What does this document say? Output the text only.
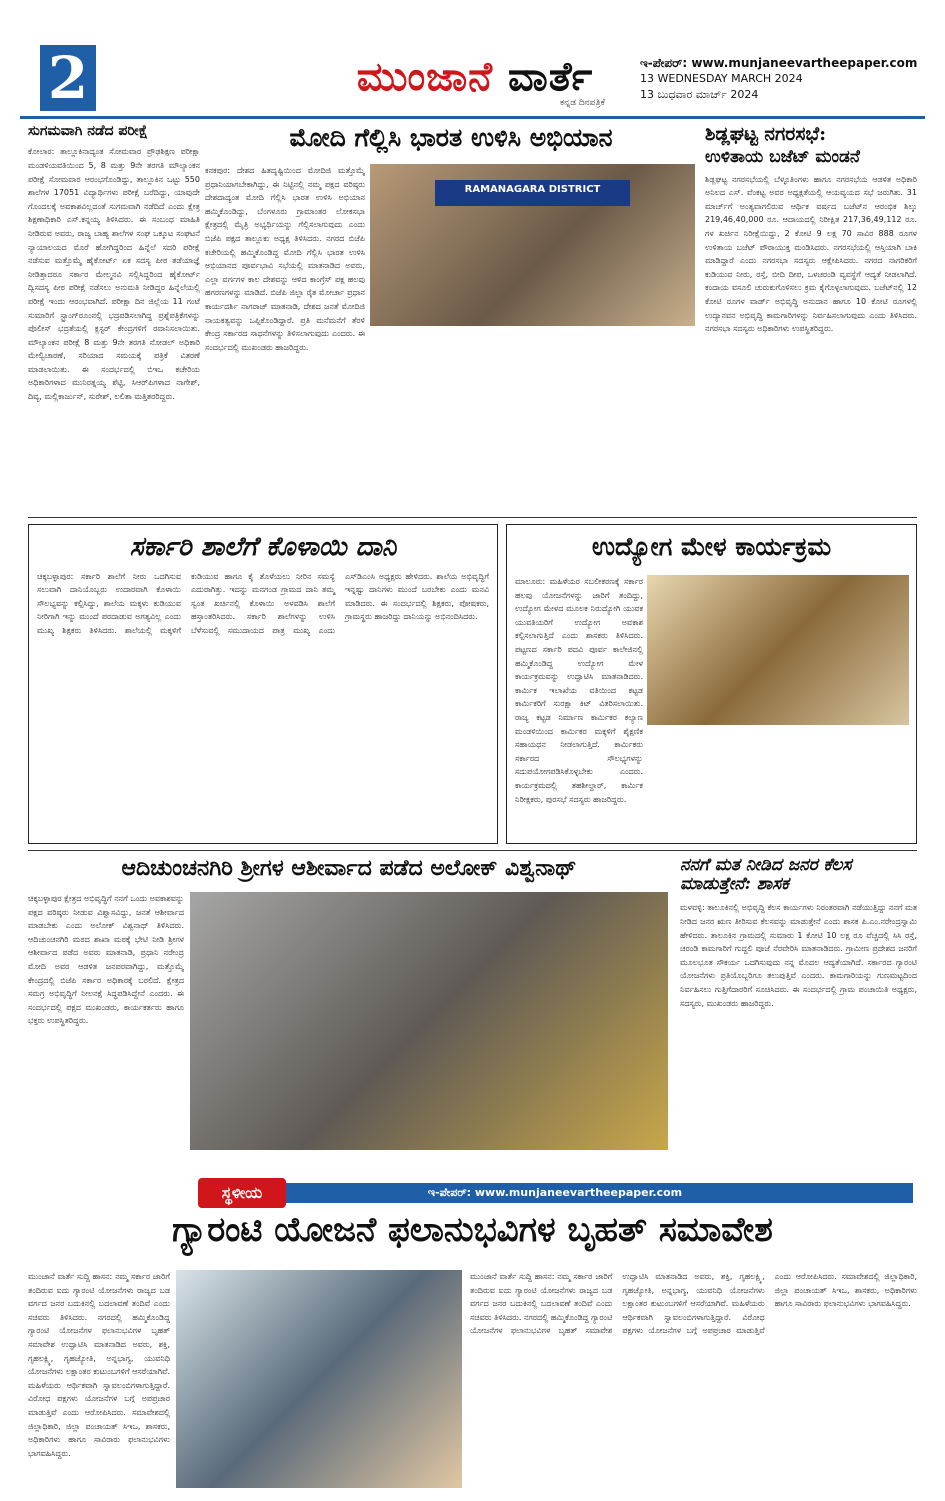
2	ಮುಂಜಾನೆ ವಾರ್ತೆ
ಕನ್ನಡ ದಿನಪತ್ರಿಕೆ
ಇ-ಪೇಪರ್: www.munjaneevartheepaper.com
13 WEDNESDAY MARCH 2024
13 ಬುಧವಾರ ಮಾರ್ಚ್ 2024
ಸುಗಮವಾಗಿ ನಡೆದ ಪರೀಕ್ಷೆ
ಕೋಲಾರ: ತಾಲ್ಲೂಕಿನಾದ್ಯಂತ ಸೋಮವಾರ ಪ್ರೌಢಶಿಕ್ಷಣ ಪರೀಕ್ಷಾ ಮಂಡಳಿಯವತಿಯಿಂದ 5, 8 ಮತ್ತು 9ನೇ ತರಗತಿ ಮೌಲ್ಯಾಂಕನ ಪರೀಕ್ಷೆ ಸೋಮವಾರ ಆರಂಭಗೊಂಡಿದ್ದು, ತಾಲ್ಲೂಕಿನ ಒಟ್ಟು 550 ಶಾಲೆಗಳ 17051 ವಿದ್ಯಾರ್ಥಿಗಳು ಪರೀಕ್ಷೆ ಬರೆದಿದ್ದು, ಯಾವುದೇ ಗೊಂದಲಕ್ಕೆ ಅವಕಾಶವಿಲ್ಲದಂತೆ ಸುಗಮವಾಗಿ ನಡೆದಿದೆ ಎಂದು ಕ್ಷೇತ್ರ ಶಿಕ್ಷಣಾಧಿಕಾರಿ ಎಸ್.ಕನ್ನಯ್ಯ ತಿಳಿಸಿದರು. ಈ ಸಂಬಂಧ ಮಾಹಿತಿ ನೀಡಿರುವ ಅವರು, ರಾಜ್ಯ ಬಾಹ್ಯ ಶಾಲೆಗಳ ಸಂಘ ಒಕ್ಕೂಟ ಸಂಘಟನೆ ನ್ಯಾಯಾಲಯದ ಮೊರೆ ಹೋಗಿದ್ದರಿಂದ ಹಿನ್ನೆಲೆ ಸದರಿ ಪರೀಕ್ಷೆ ನಡೆಸುವ ಮತ್ತೊಮ್ಮೆ ಹೈಕೋರ್ಟ್ ಏಕ ಸದಸ್ಯ ಪೀಠ ತಡೆಯಾಜ್ಞೆ ನೀಡಿತ್ತಾದರೂ ಸರ್ಕಾರ ಮೇಲ್ಮನವಿ ಸಲ್ಲಿಸಿದ್ದರಿಂದ ಹೈಕೋರ್ಟ್ ದ್ವಿಸದಸ್ಯ ಪೀಠ ಪರೀಕ್ಷೆ ನಡೆಸಲು ಅನುಮತಿ ನೀಡಿದ್ದರ ಹಿನ್ನೆಲೆಯಲ್ಲಿ ಪರೀಕ್ಷೆ ಇಂದು ಆರಂಭವಾಗಿದೆ. ಪರೀಕ್ಷಾ ದಿನ ಜಿಲ್ಲೆಯ 11 ಗಂಟೆ ಸುಮಾರಿಗೆ ಸ್ಟ್ರಾಂಗ್‌ರೂಂನಲ್ಲಿ ಭದ್ರಪಡಿಸಲಾಗಿದ್ದ ಪ್ರಶ್ನೆಪತ್ರಿಕೆಗಳನ್ನು ಪೊಲೀಸ್ ಭದ್ರತೆಯಲ್ಲಿ ಕ್ಲಸ್ಟರ್ ಕೇಂದ್ರಗಳಿಗೆ ರವಾನಿಸಲಾಯಿತು. ಮೌಲ್ಯಾಂಕನ ಪರೀಕ್ಷೆ 8 ಮತ್ತು 9ನೇ ತರಗತಿ ನೋಡಲ್ ಅಧಿಕಾರಿ ಮೇಲ್ವಿಚಾರಣೆ, ಸರಿಯಾದ ಸಮಯಕ್ಕೆ ಪತ್ರಿಕೆ ವಿತರಣೆ ಮಾಡಲಾಯಿತು. ಈ ಸಂದರ್ಭದಲ್ಲಿ ಬಿಇಒ ಕಚೇರಿಯ ಅಧಿಕಾರಿಗಳಾದ ಮುನಿರತ್ನಯ್ಯ ಶೆಟ್ಟಿ, ಸಿಆರ್‌ಪಿಗಳಾದ ನಾಗೇಶ್, ದಿವ್ಯ, ಮಲ್ಲಿಕಾರ್ಜುನ್, ಸುರೇಶ್, ಲಲಿತಾ ಮತ್ತಿತರರಿದ್ದರು.
ಮೋದಿ ಗೆಲ್ಲಿಸಿ ಭಾರತ ಉಳಿಸಿ ಅಭಿಯಾನ
RAMANAGARA DISTRICT
ಕನಕಪುರ: ದೇಶದ ಹಿತದೃಷ್ಟಿಯಿಂದ ಮೋದಿಜಿ ಮತ್ತೊಮ್ಮೆ ಪ್ರಧಾನಿಯಾಗಬೇಕಾಗಿದ್ದು, ಈ ನಿಟ್ಟಿನಲ್ಲಿ ನಮ್ಮ ಪಕ್ಷದ ವರಿಷ್ಠರು ದೇಶದಾದ್ಯಂತ ಮೋದಿ ಗೆಲ್ಲಿಸಿ ಭಾರತ ಉಳಿಸಿ ಅಭಿಯಾನ ಹಮ್ಮಿಕೊಂಡಿದ್ದು, ಬೆಂಗಳೂರು ಗ್ರಾಮಾಂತರ ಲೋಕಸಭಾ ಕ್ಷೇತ್ರದಲ್ಲಿ ಮೈತ್ರಿ ಅಭ್ಯರ್ಥಿಯನ್ನು ಗೆಲ್ಲಿಸಲಾಗುವುದು ಎಂದು ಬಿಜೆಪಿ ಪಕ್ಷದ ತಾಲ್ಲೂಕು ಅಧ್ಯಕ್ಷ ತಿಳಿಸಿದರು. ನಗರದ ಬಿಜೆಪಿ ಕಚೇರಿಯಲ್ಲಿ ಹಮ್ಮಿಕೊಂಡಿದ್ದ ಮೋದಿ ಗೆಲ್ಲಿಸಿ ಭಾರತ ಉಳಿಸಿ ಅಭಿಯಾನದ ಪೂರ್ವಭಾವಿ ಸಭೆಯಲ್ಲಿ ಮಾತನಾಡಿದ ಅವರು, ಎಲ್ಲಾ ವರ್ಗಗಳ ಕಾಲ ದೇಶವನ್ನು ಆಳಿದ ಕಾಂಗ್ರೆಸ್ ಪಕ್ಷ ಹಲವು ಹಗರಣಗಳನ್ನು ಮಾಡಿದೆ. ಬಿಜೆಪಿ ಜಿಲ್ಲಾ ರೈತ ಮೋರ್ಚಾ ಪ್ರಧಾನ ಕಾರ್ಯದರ್ಶಿ ನಾಗರಾಜ್ ಮಾತನಾಡಿ, ದೇಶದ ಜನತೆ ಮೋದಿಜಿ ನಾಯಕತ್ವವನ್ನು ಒಪ್ಪಿಕೊಂಡಿದ್ದಾರೆ. ಪ್ರತಿ ಮನೆಮನೆಗೆ ತೆರಳಿ ಕೇಂದ್ರ ಸರ್ಕಾರದ ಸಾಧನೆಗಳನ್ನು ತಿಳಿಸಲಾಗುವುದು ಎಂದರು. ಈ ಸಂದರ್ಭದಲ್ಲಿ ಮುಖಂಡರು ಹಾಜರಿದ್ದರು.
ಶಿಡ್ಲಘಟ್ಟ ನಗರಸಭೆ:
ಉಳಿತಾಯ ಬಜೆಟ್ ಮಂಡನೆ
ಶಿಡ್ಲಘಟ್ಟ ನಗರಸಭೆಯಲ್ಲಿ ಬೆಳ್ಳೂತಿಂಗಳು ಹಾಗೂ ನಗರಸಭೆಯ ಆಡಳಿತ ಅಧಿಕಾರಿ ಅನಿಲದ ಎಸ್. ವೆಂಕಟ್ಟ ಅವರ ಅಧ್ಯಕ್ಷತೆಯಲ್ಲಿ ಆಯವ್ಯಯದ ಸಭೆ ಜರುಗಿತು. 31 ಮಾರ್ಚ್‌ಗೆ ಅಂತ್ಯವಾಗಲಿರುವ ಆರ್ಥಿಕ ವರ್ಷದ ಬಜೆಟ್‌ನ ಆರಂಭಿಕ ಶಿಲ್ಕು 219,46,40,000 ರೂ. ಆದಾಯದಲ್ಲಿ ನಿರೀಕ್ಷಿತ 217,36,49,112 ರೂ. ಗಳ ಖರ್ಚಿನ ನಿರೀಕ್ಷೆಯಿದ್ದು, 2 ಕೋಟಿ 9 ಲಕ್ಷ 70 ಸಾವಿರ 888 ರೂಗಳ ಉಳಿತಾಯ ಬಜೆಟ್ ಪೌರಾಯುಕ್ತ ಮಂಡಿಸಿದರು. ನಗರಸಭೆಯಲ್ಲಿ ಆಸ್ತಿಯಾಗಿ ಬಾಕಿ ಮಾಡಿದ್ದಾರೆ ಎಂದು ನಗರಸಭಾ ಸದಸ್ಯರು ಆಕ್ಷೇಪಿಸಿದರು. ನಗರದ ನಾಗರಿಕರಿಗೆ ಕುಡಿಯುವ ನೀರು, ರಸ್ತೆ, ಬೀದಿ ದೀಪ, ಒಳಚರಂಡಿ ವ್ಯವಸ್ಥೆಗೆ ಆದ್ಯತೆ ನೀಡಲಾಗಿದೆ. ಕಂದಾಯ ವಸೂಲಿ ಚುರುಕುಗೊಳಿಸಲು ಕ್ರಮ ಕೈಗೊಳ್ಳಲಾಗುವುದು. ಬಜೆಟ್‌ನಲ್ಲಿ 12 ಕೋಟಿ ರೂಗಳ ವಾರ್ಡ್ ಅಭಿವೃದ್ಧಿ ಅನುದಾನ ಹಾಗೂ 10 ಕೋಟಿ ರೂಗಳಲ್ಲಿ ಉದ್ಯಾನವನ ಅಭಿವೃದ್ಧಿ ಕಾಮಗಾರಿಗಳನ್ನು ನಿರ್ವಹಿಸಲಾಗುವುದು ಎಂದು ತಿಳಿಸಿದರು. ನಗರಸಭಾ ಸದಸ್ಯರು ಅಧಿಕಾರಿಗಳು ಉಪಸ್ಥಿತರಿದ್ದರು.
ಸರ್ಕಾರಿ ಶಾಲೆಗೆ ಕೊಳಾಯಿ ದಾನಿ
ಚಿಕ್ಕಬಳ್ಳಾಪುರ: ಸರ್ಕಾರಿ ಶಾಲೆಗೆ ನೀರು ಒದಗಿಸುವ ಸಲುವಾಗಿ ದಾನಿಯೊಬ್ಬರು ಉದಾರವಾಗಿ ಕೊಳಾಯಿ ಸೌಲಭ್ಯವನ್ನು ಕಲ್ಪಿಸಿದ್ದು, ಶಾಲೆಯ ಮಕ್ಕಳು ಕುಡಿಯುವ ನೀರಿಗಾಗಿ ಇನ್ನು ಮುಂದೆ ಪರದಾಡುವ ಅಗತ್ಯವಿಲ್ಲ ಎಂದು ಮುಖ್ಯ ಶಿಕ್ಷಕರು ತಿಳಿಸಿದರು. ಶಾಲೆಯಲ್ಲಿ ಮಕ್ಕಳಿಗೆ ಕುಡಿಯುವ ಹಾಗೂ ಕೈ ತೊಳೆಯಲು ನೀರಿನ ಸಮಸ್ಯೆ ಎದುರಾಗಿತ್ತು. ಇದನ್ನು ಮನಗಂಡ ಗ್ರಾಮದ ದಾನಿ ತಮ್ಮ ಸ್ವಂತ ಖರ್ಚಿನಲ್ಲಿ ಕೊಳಾಯಿ ಅಳವಡಿಸಿ ಶಾಲೆಗೆ ಹಸ್ತಾಂತರಿಸಿದರು. ಸರ್ಕಾರಿ ಶಾಲೆಗಳನ್ನು ಉಳಿಸಿ ಬೆಳೆಸುವಲ್ಲಿ ಸಮುದಾಯದ ಪಾತ್ರ ಮುಖ್ಯ ಎಂದು ಎಸ್‌ಡಿಎಂಸಿ ಅಧ್ಯಕ್ಷರು ಹೇಳಿದರು. ಶಾಲೆಯ ಅಭಿವೃದ್ಧಿಗೆ ಇನ್ನಷ್ಟು ದಾನಿಗಳು ಮುಂದೆ ಬರಬೇಕು ಎಂದು ಮನವಿ ಮಾಡಿದರು. ಈ ಸಂದರ್ಭದಲ್ಲಿ ಶಿಕ್ಷಕರು, ಪೋಷಕರು, ಗ್ರಾಮಸ್ಥರು ಹಾಜರಿದ್ದು ದಾನಿಯನ್ನು ಅಭಿನಂದಿಸಿದರು.
ಉದ್ಯೋಗ ಮೇಳ ಕಾರ್ಯಕ್ರಮ
ಮಾಲೂರು: ಮಹಿಳೆಯರ ಸಬಲೀಕರಣಕ್ಕೆ ಸರ್ಕಾರ ಹಲವು ಯೋಜನೆಗಳನ್ನು ಜಾರಿಗೆ ತಂದಿದ್ದು, ಉದ್ಯೋಗ ಮೇಳದ ಮೂಲಕ ನಿರುದ್ಯೋಗಿ ಯುವಕ ಯುವತಿಯರಿಗೆ ಉದ್ಯೋಗ ಅವಕಾಶ ಕಲ್ಪಿಸಲಾಗುತ್ತಿದೆ ಎಂದು ಶಾಸಕರು ತಿಳಿಸಿದರು. ಪಟ್ಟಣದ ಸರ್ಕಾರಿ ಪದವಿ ಪೂರ್ವ ಕಾಲೇಜಿನಲ್ಲಿ ಹಮ್ಮಿಕೊಂಡಿದ್ದ ಉದ್ಯೋಗ ಮೇಳ ಕಾರ್ಯಕ್ರಮವನ್ನು ಉದ್ಘಾಟಿಸಿ ಮಾತನಾಡಿದರು. ಕಾರ್ಮಿಕ ಇಲಾಖೆಯ ವತಿಯಿಂದ ಕಟ್ಟಡ ಕಾರ್ಮಿಕರಿಗೆ ಸುರಕ್ಷಾ ಕಿಟ್ ವಿತರಿಸಲಾಯಿತು. ರಾಜ್ಯ ಕಟ್ಟಡ ನಿರ್ಮಾಣ ಕಾರ್ಮಿಕರ ಕಲ್ಯಾಣ ಮಂಡಳಿಯಿಂದ ಕಾರ್ಮಿಕರ ಮಕ್ಕಳಿಗೆ ಶೈಕ್ಷಣಿಕ ಸಹಾಯಧನ ನೀಡಲಾಗುತ್ತಿದೆ. ಕಾರ್ಮಿಕರು ಸರ್ಕಾರದ ಸೌಲಭ್ಯಗಳನ್ನು ಸದುಪಯೋಗಪಡಿಸಿಕೊಳ್ಳಬೇಕು ಎಂದರು. ಕಾರ್ಯಕ್ರಮದಲ್ಲಿ ತಹಶೀಲ್ದಾರ್, ಕಾರ್ಮಿಕ ನಿರೀಕ್ಷಕರು, ಪುರಸಭೆ ಸದಸ್ಯರು ಹಾಜರಿದ್ದರು.
ಆದಿಚುಂಚನಗಿರಿ ಶ್ರೀಗಳ ಆಶೀರ್ವಾದ ಪಡೆದ ಅಲೋಕ್ ವಿಶ್ವನಾಥ್
ಚಿಕ್ಕಬಳ್ಳಾಪುರ ಕ್ಷೇತ್ರದ ಅಭಿವೃದ್ಧಿಗೆ ನನಗೆ ಒಂದು ಅವಕಾಶವನ್ನು ಪಕ್ಷದ ವರಿಷ್ಠರು ನೀಡುವ ವಿಶ್ವಾಸವಿದ್ದು, ಜನತೆ ಆಶೀರ್ವಾದ ಮಾಡಬೇಕು ಎಂದು ಅಲೋಕ್ ವಿಶ್ವನಾಥ್ ತಿಳಿಸಿದರು. ಆದಿಚುಂಚನಗಿರಿ ಮಠದ ಶಾಖಾ ಮಠಕ್ಕೆ ಭೇಟಿ ನೀಡಿ ಶ್ರೀಗಳ ಆಶೀರ್ವಾದ ಪಡೆದ ಅವರು ಮಾತನಾಡಿ, ಪ್ರಧಾನಿ ನರೇಂದ್ರ ಮೋದಿ ಅವರ ಆಡಳಿತ ಜನಪರವಾಗಿದ್ದು, ಮತ್ತೊಮ್ಮೆ ಕೇಂದ್ರದಲ್ಲಿ ಬಿಜೆಪಿ ಸರ್ಕಾರ ಅಧಿಕಾರಕ್ಕೆ ಬರಲಿದೆ. ಕ್ಷೇತ್ರದ ಸಮಗ್ರ ಅಭಿವೃದ್ಧಿಗೆ ನೀಲನಕ್ಷೆ ಸಿದ್ಧಪಡಿಸಿದ್ದೇನೆ ಎಂದರು. ಈ ಸಂದರ್ಭದಲ್ಲಿ ಪಕ್ಷದ ಮುಖಂಡರು, ಕಾರ್ಯಕರ್ತರು ಹಾಗೂ ಭಕ್ತರು ಉಪಸ್ಥಿತರಿದ್ದರು.
ನನಗೆ ಮತ ನೀಡಿದ ಜನರ ಕೆಲಸ ಮಾಡುತ್ತೇನೆ: ಶಾಸಕ
ಮಳವಳ್ಳಿ: ತಾಲೂಕಿನಲ್ಲಿ ಅಭಿವೃದ್ಧಿ ಕೆಲಸ ಕಾರ್ಯಗಳು ನಿರಂತರವಾಗಿ ನಡೆಯುತ್ತಿದ್ದು ನನಗೆ ಮತ ನೀಡಿದ ಜನರ ಋಣ ತೀರಿಸುವ ಕೆಲಸವನ್ನು ಮಾಡುತ್ತೇನೆ ಎಂದು ಶಾಸಕ ಪಿ.ಎಂ.ನರೇಂದ್ರಸ್ವಾಮಿ ಹೇಳಿದರು. ತಾಲೂಕಿನ ಗ್ರಾಮದಲ್ಲಿ ಸುಮಾರು 1 ಕೋಟಿ 10 ಲಕ್ಷ ರೂ ವೆಚ್ಚದಲ್ಲಿ ಸಿಸಿ ರಸ್ತೆ, ಚರಂಡಿ ಕಾಮಗಾರಿಗೆ ಗುದ್ದಲಿ ಪೂಜೆ ನೆರವೇರಿಸಿ ಮಾತನಾಡಿದರು. ಗ್ರಾಮೀಣ ಪ್ರದೇಶದ ಜನರಿಗೆ ಮೂಲಭೂತ ಸೌಕರ್ಯ ಒದಗಿಸುವುದು ನನ್ನ ಮೊದಲ ಆದ್ಯತೆಯಾಗಿದೆ. ಸರ್ಕಾರದ ಗ್ಯಾರಂಟಿ ಯೋಜನೆಗಳು ಪ್ರತಿಯೊಬ್ಬರಿಗೂ ತಲುಪುತ್ತಿವೆ ಎಂದರು. ಕಾಮಗಾರಿಯನ್ನು ಗುಣಮಟ್ಟದಿಂದ ನಿರ್ವಹಿಸಲು ಗುತ್ತಿಗೆದಾರರಿಗೆ ಸೂಚಿಸಿದರು. ಈ ಸಂದರ್ಭದಲ್ಲಿ ಗ್ರಾಮ ಪಂಚಾಯಿತಿ ಅಧ್ಯಕ್ಷರು, ಸದಸ್ಯರು, ಮುಖಂಡರು ಹಾಜರಿದ್ದರು.
ಇ-ಪೇಪರ್: www.munjaneevartheepaper.com
ಸ್ಥಳೀಯ
ಗ್ಯಾರಂಟಿ ಯೋಜನೆ ಫಲಾನುಭವಿಗಳ ಬೃಹತ್ ಸಮಾವೇಶ
ಮುಂಜಾನೆ ವಾರ್ತೆ ಸುದ್ದಿ ಹಾಸನ: ನಮ್ಮ ಸರ್ಕಾರ ಜಾರಿಗೆ ತಂದಿರುವ ಐದು ಗ್ಯಾರಂಟಿ ಯೋಜನೆಗಳು ರಾಜ್ಯದ ಬಡ ವರ್ಗದ ಜನರ ಬದುಕಿನಲ್ಲಿ ಬದಲಾವಣೆ ತಂದಿವೆ ಎಂದು ಸಚಿವರು ತಿಳಿಸಿದರು. ನಗರದಲ್ಲಿ ಹಮ್ಮಿಕೊಂಡಿದ್ದ ಗ್ಯಾರಂಟಿ ಯೋಜನೆಗಳ ಫಲಾನುಭವಿಗಳ ಬೃಹತ್ ಸಮಾವೇಶ ಉದ್ಘಾಟಿಸಿ ಮಾತನಾಡಿದ ಅವರು, ಶಕ್ತಿ, ಗೃಹಲಕ್ಷ್ಮಿ, ಗೃಹಜ್ಯೋತಿ, ಅನ್ನಭಾಗ್ಯ, ಯುವನಿಧಿ ಯೋಜನೆಗಳು ಲಕ್ಷಾಂತರ ಕುಟುಂಬಗಳಿಗೆ ಆಸರೆಯಾಗಿವೆ. ಮಹಿಳೆಯರು ಆರ್ಥಿಕವಾಗಿ ಸ್ವಾವಲಂಬಿಗಳಾಗುತ್ತಿದ್ದಾರೆ. ವಿರೋಧ ಪಕ್ಷಗಳು ಯೋಜನೆಗಳ ಬಗ್ಗೆ ಅಪಪ್ರಚಾರ ಮಾಡುತ್ತಿವೆ ಎಂದು ಆರೋಪಿಸಿದರು. ಸಮಾವೇಶದಲ್ಲಿ ಜಿಲ್ಲಾಧಿಕಾರಿ, ಜಿಲ್ಲಾ ಪಂಚಾಯತ್ ಸಿಇಒ, ಶಾಸಕರು, ಅಧಿಕಾರಿಗಳು ಹಾಗೂ ಸಾವಿರಾರು ಫಲಾನುಭವಿಗಳು ಭಾಗವಹಿಸಿದ್ದರು.
ಮುಂಜಾನೆ ವಾರ್ತೆ ಸುದ್ದಿ ಹಾಸನ: ನಮ್ಮ ಸರ್ಕಾರ ಜಾರಿಗೆ ತಂದಿರುವ ಐದು ಗ್ಯಾರಂಟಿ ಯೋಜನೆಗಳು ರಾಜ್ಯದ ಬಡ ವರ್ಗದ ಜನರ ಬದುಕಿನಲ್ಲಿ ಬದಲಾವಣೆ ತಂದಿವೆ ಎಂದು ಸಚಿವರು ತಿಳಿಸಿದರು. ನಗರದಲ್ಲಿ ಹಮ್ಮಿಕೊಂಡಿದ್ದ ಗ್ಯಾರಂಟಿ ಯೋಜನೆಗಳ ಫಲಾನುಭವಿಗಳ ಬೃಹತ್ ಸಮಾವೇಶ ಉದ್ಘಾಟಿಸಿ ಮಾತನಾಡಿದ ಅವರು, ಶಕ್ತಿ, ಗೃಹಲಕ್ಷ್ಮಿ, ಗೃಹಜ್ಯೋತಿ, ಅನ್ನಭಾಗ್ಯ, ಯುವನಿಧಿ ಯೋಜನೆಗಳು ಲಕ್ಷಾಂತರ ಕುಟುಂಬಗಳಿಗೆ ಆಸರೆಯಾಗಿವೆ. ಮಹಿಳೆಯರು ಆರ್ಥಿಕವಾಗಿ ಸ್ವಾವಲಂಬಿಗಳಾಗುತ್ತಿದ್ದಾರೆ. ವಿರೋಧ ಪಕ್ಷಗಳು ಯೋಜನೆಗಳ ಬಗ್ಗೆ ಅಪಪ್ರಚಾರ ಮಾಡುತ್ತಿವೆ ಎಂದು ಆರೋಪಿಸಿದರು. ಸಮಾವೇಶದಲ್ಲಿ ಜಿಲ್ಲಾಧಿಕಾರಿ, ಜಿಲ್ಲಾ ಪಂಚಾಯತ್ ಸಿಇಒ, ಶಾಸಕರು, ಅಧಿಕಾರಿಗಳು ಹಾಗೂ ಸಾವಿರಾರು ಫಲಾನುಭವಿಗಳು ಭಾಗವಹಿಸಿದ್ದರು.
